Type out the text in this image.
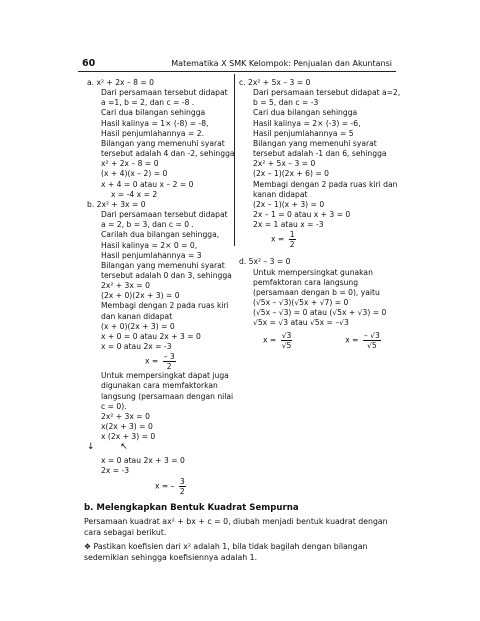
60	Matematika X SMK Kelompok: Penjualan dan Akuntansi
a. x² + 2x – 8 = 0
Dari persamaan tersebut didapat
a =1, b = 2, dan c = -8 .
Cari dua bilangan sehingga
Hasil kalinya = 1× (-8) = -8,
Hasil penjumlahannya = 2.
Bilangan yang memenuhi syarat
tersebut adalah 4 dan -2, sehingga
x² + 2x – 8 = 0
(x + 4)(x – 2) = 0
x + 4 = 0 atau x – 2 = 0
x = -4 x = 2
b. 2x² + 3x = 0
Dari persamaan tersebut didapat
a = 2, b = 3, dan c = 0 .
Carilah dua bilangan sehingga,
Hasil kalinya = 2× 0 = 0,
Hasil penjumlahannya = 3
Bilangan yang memenuhi syarat
tersebut adalah 0 dan 3, sehingga
2x² + 3x = 0
(2x + 0)(2x + 3) = 0
Membagi dengan 2 pada ruas kiri
dan kanan didapat
(x + 0)(2x + 3) = 0
x + 0 = 0 atau 2x + 3 = 0
x = 0 atau 2x = -3
$x = \frac{- 3}{2}$
Untuk mempersingkat dapat juga
digunakan cara memfaktorkan
langsung (persamaan dengan nilai
c = 0).
2x² + 3x = 0
x(2x + 3) = 0
x (2x + 3) = 0
↓         ↖
x = 0 atau 2x + 3 = 0
2x = -3
x = – $\frac{3}{2}$
c. 2x² + 5x – 3 = 0
Dari persamaan tersebut didapat a=2,
b = 5, dan c = -3
Cari dua bilangan sehingga
Hasil kalinya = 2× (-3) = -6,
Hasil penjumlahannya = 5
Bilangan yang memenuhi syarat
tersebut adalah -1 dan 6, sehingga
2x² + 5x – 3 = 0
(2x – 1)(2x + 6) = 0
Membagi dengan 2 pada ruas kiri dan
kanan didapat
(2x – 1)(x + 3) = 0
2x – 1 = 0 atau x + 3 = 0
2x = 1 atau x = -3
$x = \frac{1}{2}$
d. 5x² – 3 = 0
Untuk mempersingkat gunakan
pemfaktoran cara langsung
(persamaan dengan b = 0), yaitu
(√5x – √3)(√5x + √7) = 0
(√5x – √3) = 0 atau (√5x + √3) = 0
√5x = √3 atau √5x = –√3
$x = \frac{√3}{√5}$	$x = \frac{- √3}{√5}$
b. Melengkapkan Bentuk Kuadrat Sempurna
Persamaan kuadrat ax² + bx + c = 0, diubah menjadi bentuk kuadrat dengan cara sebagai berikut.
❖ Pastikan koefisien dari x² adalah 1, bila tidak bagilah dengan bilangan sedemikian sehingga koefisiennya adalah 1.
